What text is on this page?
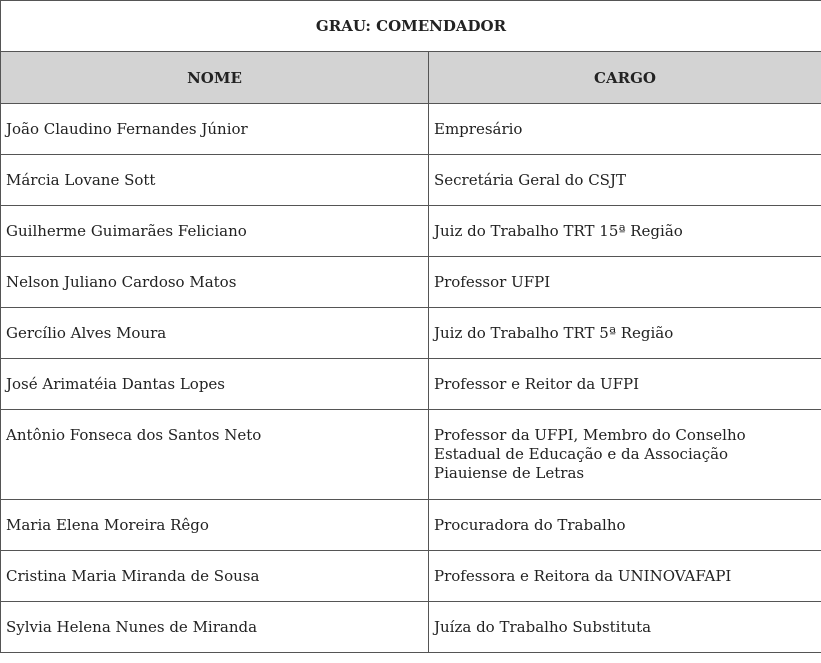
GRAU: COMENDADOR	
NOME	CARGO
João Claudino Fernandes Júnior	Empresário

Márcia Lovane Sott	Secretária Geral do CSJT

Guilherme Guimarães Feliciano	Juiz do Trabalho TRT 15ª Região

Nelson Juliano Cardoso Matos	Professor UFPI

Gercílio Alves Moura	Juiz do Trabalho TRT 5ª Região

José Arimatéia Dantas Lopes	Professor e Reitor da UFPI

Antônio Fonseca dos Santos Neto	Professor da UFPI, Membro do Conselho
Estadual de Educação e da Associação
Piauiense de Letras

Maria Elena Moreira Rêgo	Procuradora do Trabalho

Cristina Maria Miranda de Sousa	Professora e Reitora da UNINOVAFAPI

Sylvia Helena Nunes de Miranda	Juíza do Trabalho Substituta
